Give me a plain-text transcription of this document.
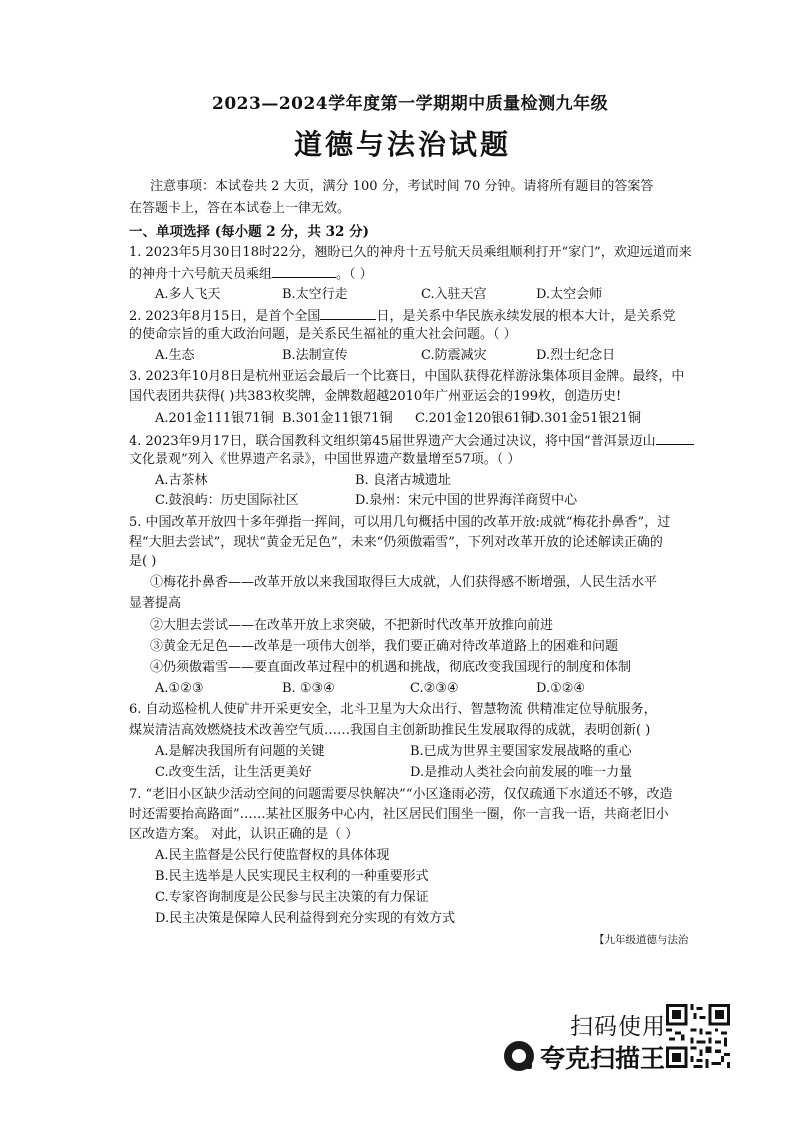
2023—2024学年度第一学期期中质量检测九年级
道德与法治试题
注意事项：本试卷共 2 大页，满分 100 分，考试时间 70 分钟。请将所有题目的答案答
在答题卡上，答在本试卷上一律无效。
一、单项选择 (每小题 2 分，共 32 分)
1. 2023年5月30日18时22分，翘盼已久的神舟十五号航天员乘组顺利打开“家门”，欢迎远道而来
的神舟十六号航天员乘组	。（ ）
A.多人飞天	B.太空行走	C.入驻天宫	D.太空会师
2. 2023年8月15日，是首个全国	日，是关系中华民族永续发展的根本大计，是关系党
的使命宗旨的重大政治问题，是关系民生福祉的重大社会问题。（ ）
A.生态	B.法制宣传	C.防震减灾	D.烈士纪念日
3. 2023年10月8日是杭州亚运会最后一个比赛日，中国队获得花样游泳集体项目金牌。最终，中
国代表团共获得( )共383枚奖牌，金牌数超越2010年广州亚运会的199枚，创造历史!
A.201金111银71铜 B.301金11银71铜 C.201金120银61铜
D.301金51银21铜
4. 2023年9月17日，联合国教科文组织第45届世界遗产大会通过决议，将中国“普洱景迈山
文化景观”列入《世界遗产名录》，中国世界遗产数量增至57项。（ ）
A.古茶林	B. 良渚古城遗址
C.鼓浪屿：历史国际社区	D.泉州：宋元中国的世界海洋商贸中心
5. 中国改革开放四十多年弹指一挥间，可以用几句概括中国的改革开放:成就“梅花扑鼻香”，过
程“大胆去尝试”，现状“黄金无足色”，未来“仍须傲霜雪”，下列对改革开放的论述解读正确的
是( )
①梅花扑鼻香——改革开放以来我国取得巨大成就，人们获得感不断增强，人民生活水平
显著提高
②大胆去尝试——在改革开放上求突破，不把新时代改革开放推向前进
③黄金无足色——改革是一项伟大创举，我们要正确对待改革道路上的困难和问题
④仍须傲霜雪——要直面改革过程中的机遇和挑战，彻底改变我国现行的制度和体制
A.①②③	B. ①③④	C.②③④	D.①②④
6. 自动巡检机人使矿井开采更安全，北斗卫星为大众出行、智慧物流 供精准定位导航服务，
煤炭清洁高效燃烧技术改善空气质……我国自主创新助推民生发展取得的成就，表明创新( )
A.是解决我国所有问题的关键	B.已成为世界主要国家发展战略的重心
C.改变生活，让生活更美好	D.是推动人类社会向前发展的唯一力量
7. “老旧小区缺少活动空间的问题需要尽快解决”“小区逢雨必涝，仅仅疏通下水道还不够，改造
时还需要抬高路面”……某社区服务中心内，社区居民们围坐一圈，你一言我一语，共商老旧小
区改造方案。 对此，认识正确的是（ ）
A.民主监督是公民行使监督权的具体体现
B.民主选举是人民实现民主权利的一种重要形式
C.专家咨询制度是公民参与民主决策的有力保证
D.民主决策是保障人民利益得到充分实现的有效方式
【九年级道德与法治
扫码使用
夸克扫描王
